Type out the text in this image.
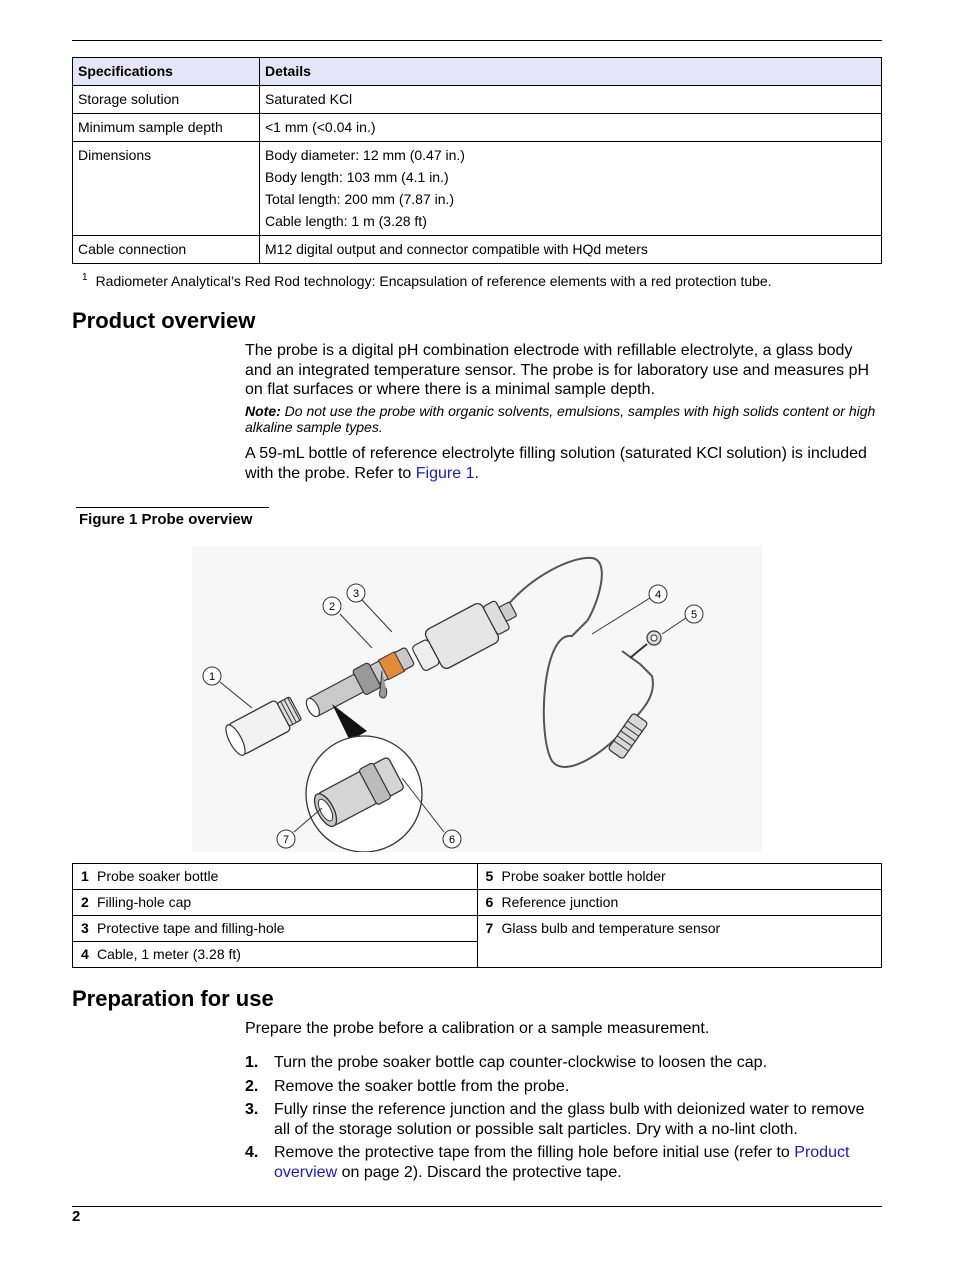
Specifications	Details
Storage solution	Saturated KCl

Minimum sample depth	<1 mm (<0.04 in.)

Dimensions	Body diameter: 12 mm (0.47 in.)
Body length: 103 mm (4.1 in.)
Total length: 200 mm (7.87 in.)
Cable length: 1 m (3.28 ft)

Cable connection	M12 digital output and connector compatible with HQd meters
$^1$ Radiometer Analytical’s Red Rod technology: Encapsulation of reference elements with a red protection tube.
Product overview

The probe is a digital pH combination electrode with refillable electrolyte, a glass body and an integrated temperature sensor. The probe is for laboratory use and measures pH on flat surfaces or where there is a minimal sample depth.

Note: Do not use the probe with organic solvents, emulsions, samples with high solids content or high alkaline sample types.

A 59-mL bottle of reference electrolyte filling solution (saturated KCl solution) is included with the probe. Refer to Figure 1.

Figure 1 Probe overview
1
2
3	4
5
6
7
1 Probe soaker bottle	5 Probe soaker bottle holder
2 Filling-hole cap	6 Reference junction
3 Protective tape and filling-hole	7 Glass bulb and temperature sensor
4 Cable, 1 meter (3.28 ft)	
Preparation for use

Prepare the probe before a calibration or a sample measurement.

1. Turn the probe soaker bottle cap counter-clockwise to loosen the cap.
2. Remove the soaker bottle from the probe.
3. Fully rinse the reference junction and the glass bulb with deionized water to remove all of the storage solution or possible salt particles. Dry with a no-lint cloth.
4. Remove the protective tape from the filling hole before initial use (refer to Product overview on page 2). Discard the protective tape.
2
